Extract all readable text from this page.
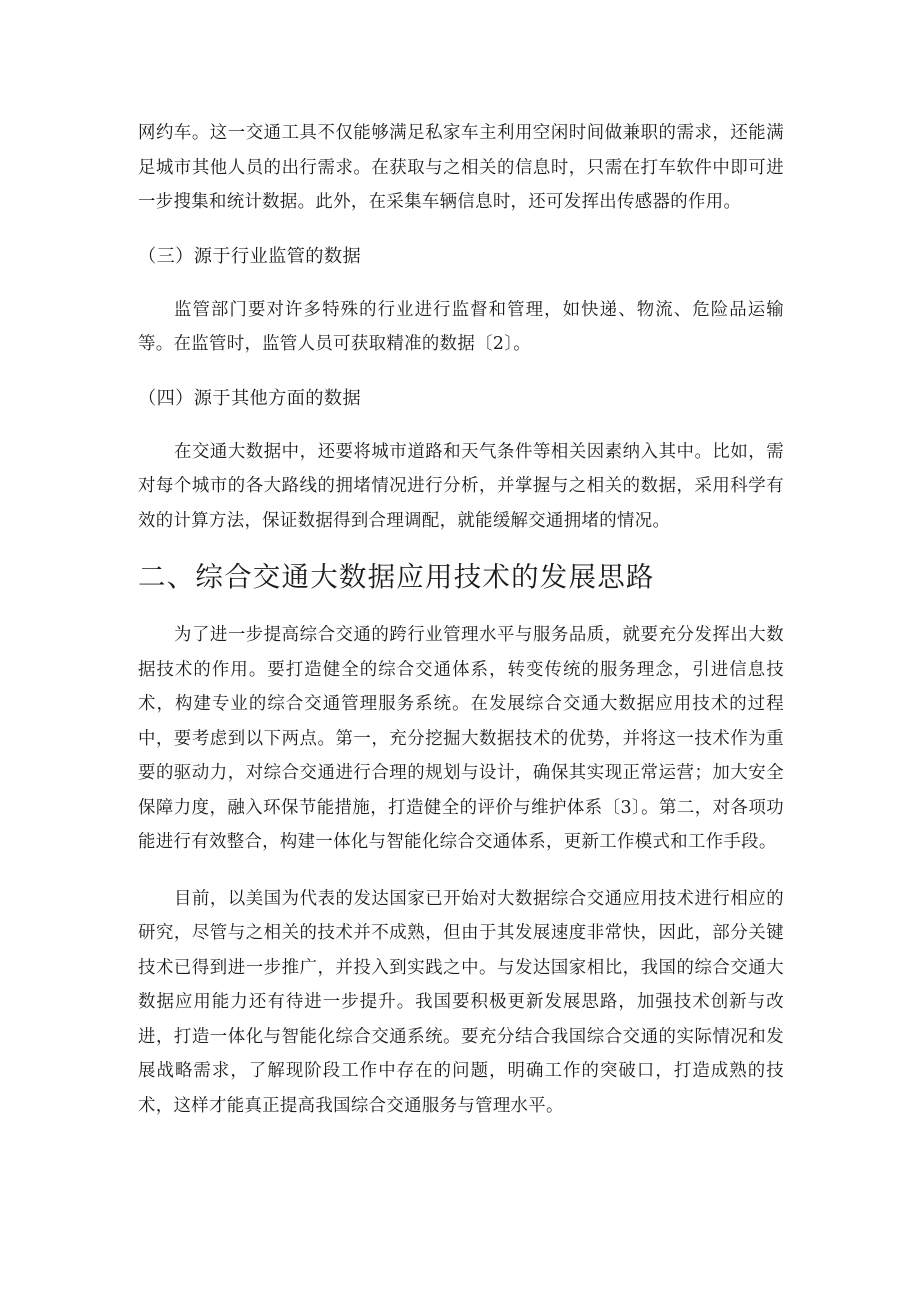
网约车。这一交通工具不仅能够满足私家车主利用空闲时间做兼职的需求，还能满足城市其他人员的出行需求。在获取与之相关的信息时，只需在打车软件中即可进一步搜集和统计数据。此外，在采集车辆信息时，还可发挥出传感器的作用。

（三）源于行业监管的数据

监管部门要对许多特殊的行业进行监督和管理，如快递、物流、危险品运输等。在监管时，监管人员可获取精准的数据〔2〕。

（四）源于其他方面的数据

在交通大数据中，还要将城市道路和天气条件等相关因素纳入其中。比如，需对每个城市的各大路线的拥堵情况进行分析，并掌握与之相关的数据，采用科学有效的计算方法，保证数据得到合理调配，就能缓解交通拥堵的情况。

二、综合交通大数据应用技术的发展思路

为了进一步提高综合交通的跨行业管理水平与服务品质，就要充分发挥出大数据技术的作用。要打造健全的综合交通体系，转变传统的服务理念，引进信息技术，构建专业的综合交通管理服务系统。在发展综合交通大数据应用技术的过程中，要考虑到以下两点。第一，充分挖掘大数据技术的优势，并将这一技术作为重要的驱动力，对综合交通进行合理的规划与设计，确保其实现正常运营；加大安全保障力度，融入环保节能措施，打造健全的评价与维护体系〔3〕。第二，对各项功能进行有效整合，构建一体化与智能化综合交通体系，更新工作模式和工作手段。

目前，以美国为代表的发达国家已开始对大数据综合交通应用技术进行相应的研究，尽管与之相关的技术并不成熟，但由于其发展速度非常快，因此，部分关键技术已得到进一步推广，并投入到实践之中。与发达国家相比，我国的综合交通大数据应用能力还有待进一步提升。我国要积极更新发展思路，加强技术创新与改进，打造一体化与智能化综合交通系统。要充分结合我国综合交通的实际情况和发展战略需求，了解现阶段工作中存在的问题，明确工作的突破口，打造成熟的技术，这样才能真正提高我国综合交通服务与管理水平。
